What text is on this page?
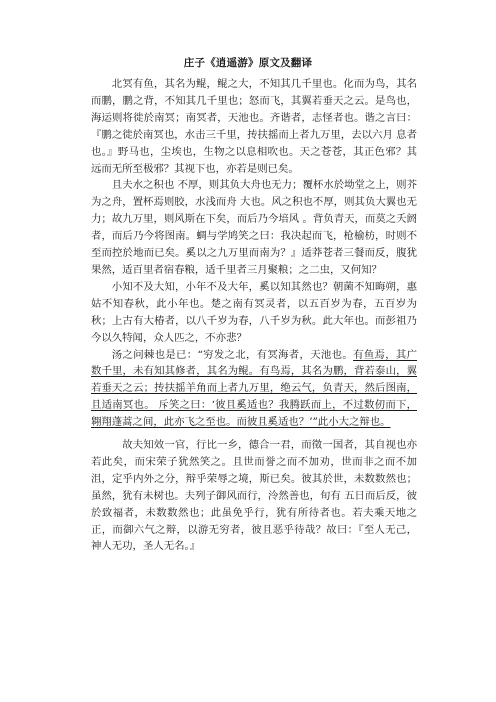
庄子《逍遥游》原文及翻译

北冥有鱼，其名为鲲，鲲之大，不知其几千里也。化而为鸟，其名而鹏，鹏之背，不知其几千里也；怒而飞，其翼若垂天之云。是鸟也，海运则将徙於南冥；南冥者，天池也。齐谐者，志怪者也。谐之言曰：『鹏之徙於南冥也，水击三千里，抟扶摇而上者九万里，去以六月 息者也。』野马也，尘埃也，生物之以息相吹也。天之苍苍，其正色邪？其远而无所至极邪？其视下也，亦若是则已矣。

且夫水之积也 不厚，则其负大舟也无力；覆杯水於坳堂之上，则芥为之舟，置杯焉则胶，水浅而舟 大也。风之积也不厚，则其负大翼也无力；故九万里，则风斯在下矣，而后乃今培风 。背负青天，而莫之夭阏者，而后乃今将图南。蜩与学鸠笑之曰：我决起而飞，枪榆枋，时则不至而控於地而已矣。奚以之九万里而南为？』适莽苍者三餐而反，腹犹果然，适百里者宿春粮，适千里者三月聚粮；之二虫，又何知？

小知不及大知，小年不及大年，奚以知其然也？朝菌不知晦朔，惠姑不知春秋，此小年也。楚之南有冥灵者，以五百岁为春，五百岁为秋；上古有大椿者，以八千岁为春，八千岁为秋。此大年也。而彭祖乃今以久特闻，众人匹之，不亦悲？

汤之问棘也是已：“穷发之北，有冥海者，天池也。有鱼焉，其广数千里，未有知其修者，其名为鲲。有鸟焉，其名为鹏，背若泰山，翼若垂天之云；抟扶摇羊角而上者九万里，绝云气，负青天，然后图南，且适南冥也。 斥笑之曰：‘彼且奚适也？我腾跃而上，不过数仞而下， 翱翔蓬蒿之间，此亦飞之至也。而彼且奚适也？’”此小大之辩也。

故夫知效一官，行比一乡，德合一君，而徵一国者，其自视也亦若此矣，而宋荣子犹然笑之。且世而誉之而不加劝，世而非之而不加沮，定乎内外之分，辩乎荣辱之境，斯已矣。彼其於世，未数数然也；虽然，犹有未树也。夫列子御风而行，泠然善也，旬有 五日而后反，彼於致福者，未数数然也；此虽免乎行，犹有所待者也。若夫乘天地之正，而御六气之辩，以游无穷者，彼且恶乎待哉？故曰：『至人无己，神人无功，圣人无名。』
